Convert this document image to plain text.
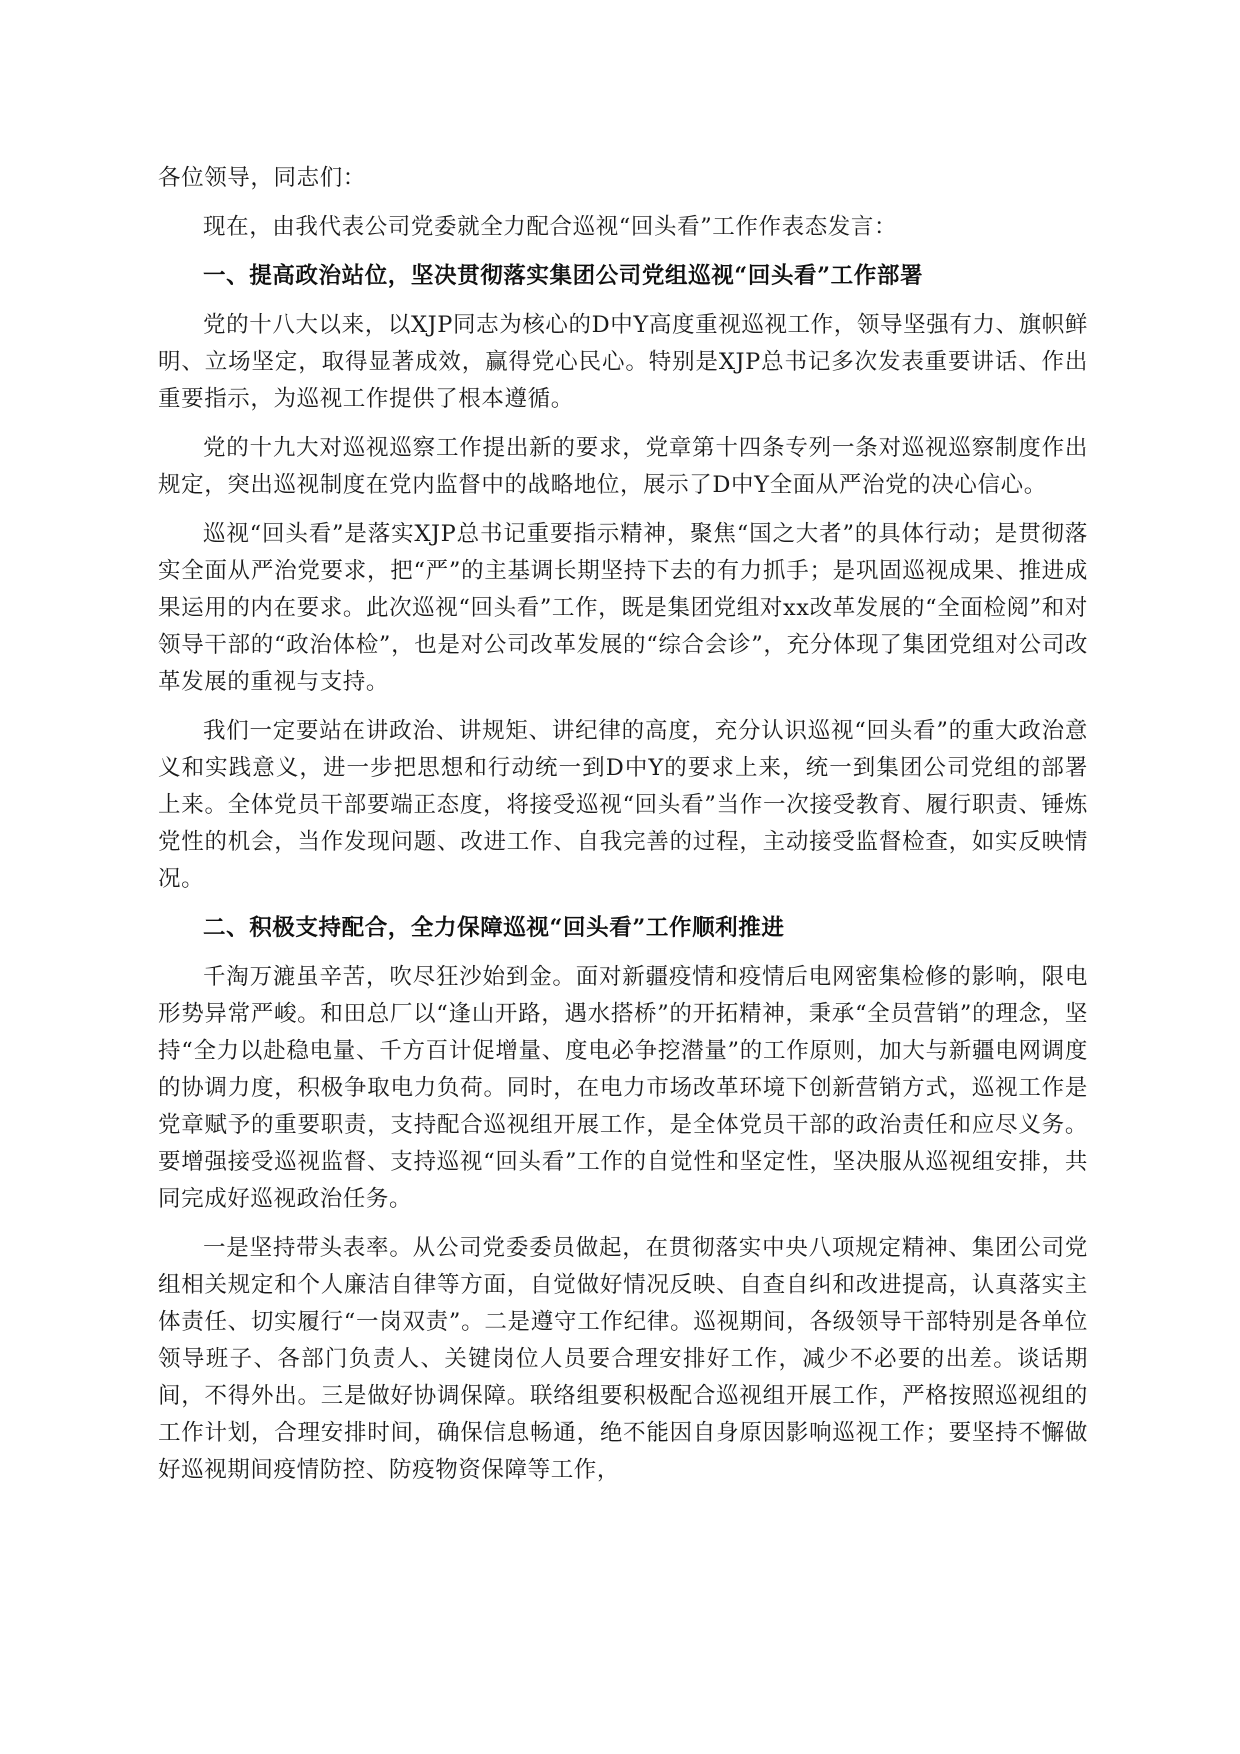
各位领导，同志们：

现在，由我代表公司党委就全力配合巡视“回头看”工作作表态发言：

一、提高政治站位，坚决贯彻落实集团公司党组巡视“回头看”工作部署

党的十八大以来，以XJP同志为核心的D中Y高度重视巡视工作，领导坚强有力、旗帜鲜明、立场坚定，取得显著成效，赢得党心民心。特别是XJP总书记多次发表重要讲话、作出重要指示，为巡视工作提供了根本遵循。

党的十九大对巡视巡察工作提出新的要求，党章第十四条专列一条对巡视巡察制度作出规定，突出巡视制度在党内监督中的战略地位，展示了D中Y全面从严治党的决心信心。

巡视“回头看”是落实XJP总书记重要指示精神，聚焦“国之大者”的具体行动；是贯彻落实全面从严治党要求，把“严”的主基调长期坚持下去的有力抓手；是巩固巡视成果、推进成果运用的内在要求。此次巡视“回头看”工作，既是集团党组对xx改革发展的“全面检阅”和对领导干部的“政治体检”，也是对公司改革发展的“综合会诊”，充分体现了集团党组对公司改革发展的重视与支持。

我们一定要站在讲政治、讲规矩、讲纪律的高度，充分认识巡视“回头看”的重大政治意义和实践意义，进一步把思想和行动统一到D中Y的要求上来，统一到集团公司党组的部署上来。全体党员干部要端正态度，将接受巡视“回头看”当作一次接受教育、履行职责、锤炼党性的机会，当作发现问题、改进工作、自我完善的过程，主动接受监督检查，如实反映情况。

二、积极支持配合，全力保障巡视“回头看”工作顺利推进

千淘万漉虽辛苦，吹尽狂沙始到金。面对新疆疫情和疫情后电网密集检修的影响，限电形势异常严峻。和田总厂以“逢山开路，遇水搭桥”的开拓精神，秉承“全员营销”的理念，坚持“全力以赴稳电量、千方百计促增量、度电必争挖潜量”的工作原则，加大与新疆电网调度的协调力度，积极争取电力负荷。同时，在电力市场改革环境下创新营销方式，巡视工作是党章赋予的重要职责，支持配合巡视组开展工作，是全体党员干部的政治责任和应尽义务。要增强接受巡视监督、支持巡视“回头看”工作的自觉性和坚定性，坚决服从巡视组安排，共同完成好巡视政治任务。

一是坚持带头表率。从公司党委委员做起，在贯彻落实中央八项规定精神、集团公司党组相关规定和个人廉洁自律等方面，自觉做好情况反映、自查自纠和改进提高，认真落实主体责任、切实履行“一岗双责”。二是遵守工作纪律。巡视期间，各级领导干部特别是各单位领导班子、各部门负责人、关键岗位人员要合理安排好工作，减少不必要的出差。谈话期间，不得外出。三是做好协调保障。联络组要积极配合巡视组开展工作，严格按照巡视组的工作计划，合理安排时间，确保信息畅通，绝不能因自身原因影响巡视工作；要坚持不懈做好巡视期间疫情防控、防疫物资保障等工作，
